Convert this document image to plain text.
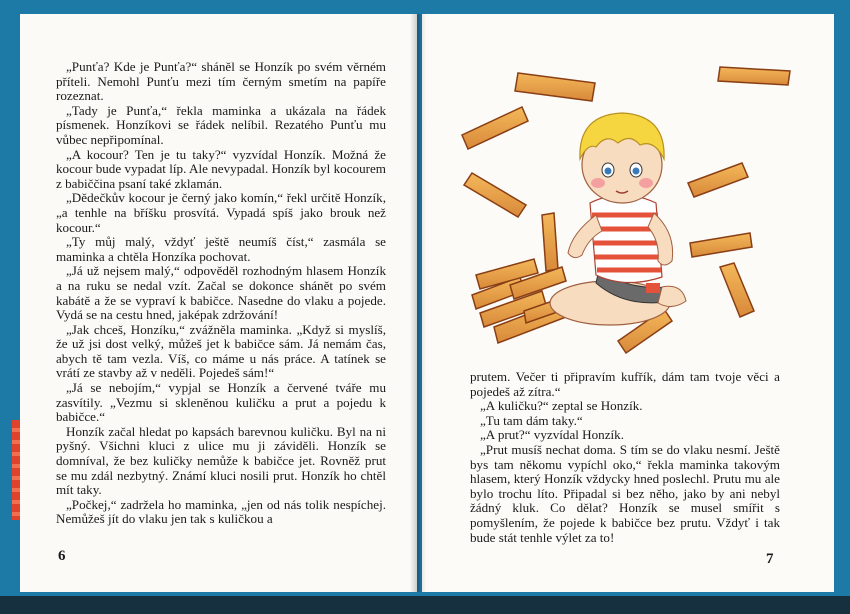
„Punťa? Kde je Punťa?“ sháněl se Honzík po svém věrném příteli. Nemohl Punťu mezi tím černým smetím na papíře rozeznat.

„Tady je Punťa,“ řekla maminka a ukázala na řádek písmenek. Honzíkovi se řádek nelíbil. Rezatého Punťu mu vůbec nepřipomínal.

„A kocour? Ten je tu taky?“ vyzvídal Honzík. Možná že kocour bude vypadat líp. Ale nevypadal. Honzík byl kocourem z babiččina psaní také zklamán.

„Dědečkův kocour je černý jako komín,“ řekl určitě Honzík, „a tenhle na bříšku prosvítá. Vypadá spíš jako brouk než kocour.“

„Ty můj malý, vždyť ještě neumíš číst,“ zasmála se maminka a chtěla Honzíka pochovat.

„Já už nejsem malý,“ odpověděl rozhodným hlasem Honzík a na ruku se nedal vzít. Začal se dokonce shánět po svém kabátě a že se vypraví k babičce. Nasedne do vlaku a pojede. Vydá se na cestu hned, jaképak zdržování!

„Jak chceš, Honzíku,“ zvážněla maminka. „Když si myslíš, že už jsi dost velký, můžeš jet k babičce sám. Já nemám čas, abych tě tam vezla. Víš, co máme u nás práce. A tatínek se vrátí ze stavby až v neděli. Pojedeš sám!“

„Já se nebojím,“ vypjal se Honzík a červené tváře mu zasvítily. „Vezmu si skleněnou kuličku a prut a pojedu k babičce.“

Honzík začal hledat po kapsách barevnou kuličku. Byl na ni pyšný. Všichni kluci z ulice mu ji záviděli. Honzík se domníval, že bez kuličky nemůže k babičce jet. Rovněž prut se mu zdál nezbytný. Známí kluci nosili prut. Honzík ho chtěl mít taky.

„Počkej,“ zadržela ho maminka, „jen od nás tolik nespíchej. Nemůžeš jít do vlaku jen tak s kuličkou a

6

prutem. Večer ti připravím kufřík, dám tam tvoje věci a pojedeš až zítra.“

„A kuličku?“ zeptal se Honzík.

„Tu tam dám taky.“

„A prut?“ vyzvídal Honzík.

„Prut musíš nechat doma. S tím se do vlaku nesmí. Ještě bys tam někomu vypíchl oko,“ řekla maminka takovým hlasem, který Honzík vždycky hned poslechl. Prutu mu ale bylo trochu líto. Připadal si bez něho, jako by ani nebyl žádný kluk. Co dělat? Honzík se musel smířit s pomyšlením, že pojede k babičce bez prutu. Vždyť i tak bude stát tenhle výlet za to!

7
